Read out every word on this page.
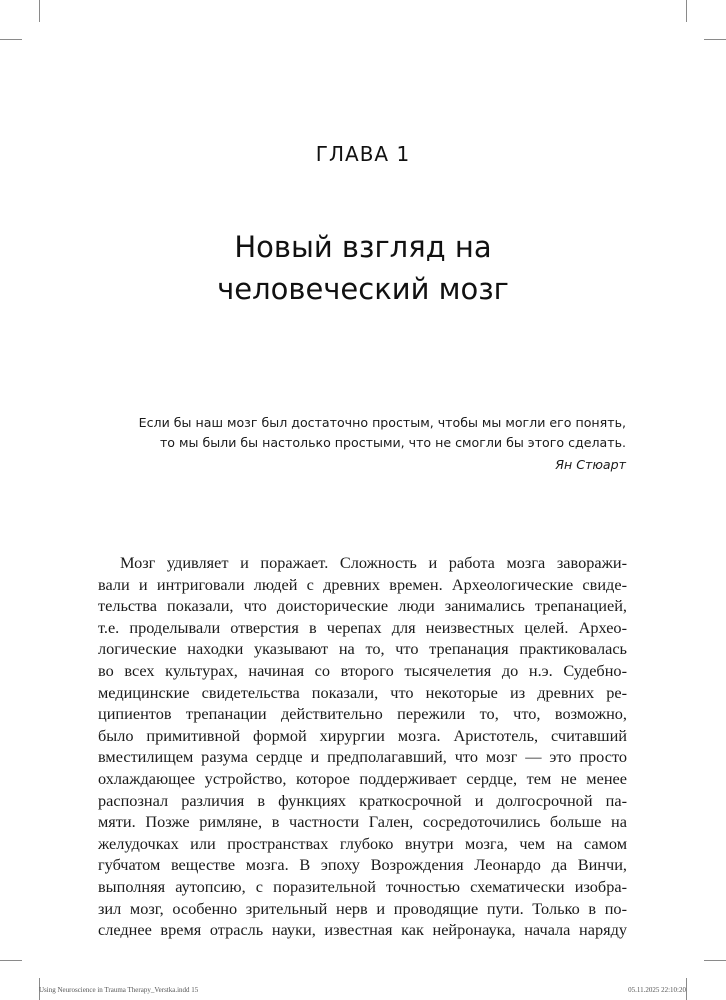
ГЛАВА 1
Новый взгляд на
человеческий мозг
Если бы наш мозг был достаточно простым, чтобы мы могли его понять,
то мы были бы настолько простыми, что не смогли бы этого сделать.
Ян Стюарт
Мозг удивляет и поражает. Сложность и работа мозга заворажи-
вали и интриговали людей с древних времен. Археологические свиде-
тельства показали, что доисторические люди занимались трепанацией,
т.е. проделывали отверстия в черепах для неизвестных целей. Архео-
логические находки указывают на то, что трепанация практиковалась
во всех культурах, начиная со второго тысячелетия до н.э. Судебно-
медицинские свидетельства показали, что некоторые из древних ре-
ципиентов трепанации действительно пережили то, что, возможно,
было примитивной формой хирургии мозга. Аристотель, считавший
вместилищем разума сердце и предполагавший, что мозг — это просто
охлаждающее устройство, которое поддерживает сердце, тем не менее
распознал различия в функциях краткосрочной и долгосрочной па-
мяти. Позже римляне, в частности Гален, сосредоточились больше на
желудочках или пространствах глубоко внутри мозга, чем на самом
губчатом веществе мозга. В эпоху Возрождения Леонардо да Винчи,
выполняя аутопсию, с поразительной точностью схематически изобра-
зил мозг, особенно зрительный нерв и проводящие пути. Только в по-
следнее время отрасль науки, известная как нейронаука, начала наряду
Using Neuroscience in Trauma Therapy_Verstka.indd 15	05.11.2025 22:10:20
